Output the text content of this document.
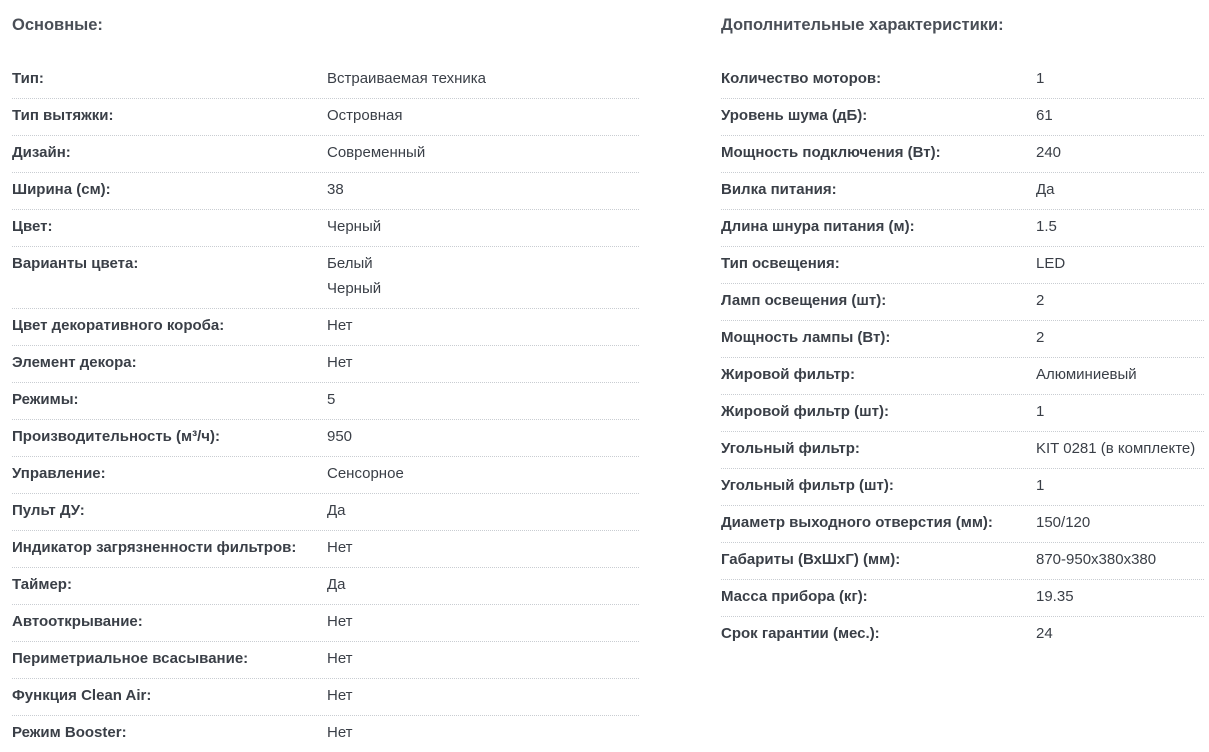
Основные:
Тип:	Встраиваемая техника
Тип вытяжки:	Островная
Дизайн:	Современный
Ширина (см):	38
Цвет:	Черный
Варианты цвета:	Белый
Черный
Цвет декоративного короба:	Нет
Элемент декора:	Нет
Режимы:	5
Производительность (м³/ч):	950
Управление:	Сенсорное
Пульт ДУ:	Да
Индикатор загрязненности фильтров:	Нет
Таймер:	Да
Автооткрывание:	Нет
Периметриальное всасывание:	Нет
Функция Clean Air:	Нет
Режим Booster:	Нет
Дополнительные характеристики:
Количество моторов:	1
Уровень шума (дБ):	61
Мощность подключения (Вт):	240
Вилка питания:	Да
Длина шнура питания (м):	1.5
Тип освещения:	LED
Ламп освещения (шт):	2
Мощность лампы (Вт):	2
Жировой фильтр:	Алюминиевый
Жировой фильтр (шт):	1
Угольный фильтр:	KIT 0281 (в комплекте)
Угольный фильтр (шт):	1
Диаметр выходного отверстия (мм):	150/120
Габариты (ВхШхГ) (мм):	870-950x380x380
Масса прибора (кг):	19.35
Срок гарантии (мес.):	24
